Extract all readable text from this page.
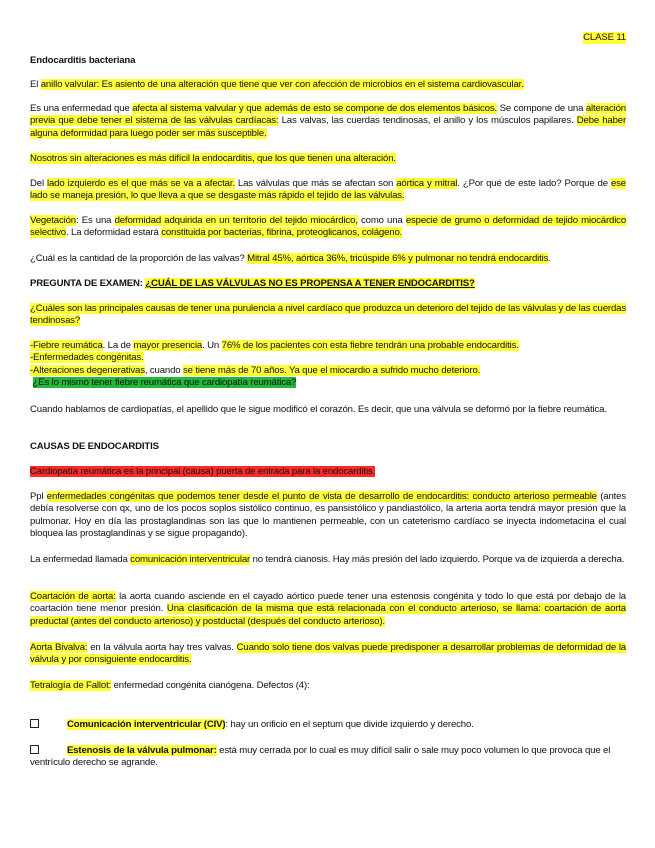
CLASE 11
Endocarditis bacteriana

El anillo valvular: Es asiento de una alteración que tiene que ver con afección de microbios en el sistema cardiovascular.

Es una enfermedad que afecta al sistema valvular y que además de esto se compone de dos elementos básicos. Se compone de una alteración previa que debe tener el sistema de las válvulas cardíacas: Las valvas, las cuerdas tendinosas, el anillo y los músculos papilares. Debe haber alguna deformidad para luego poder ser más susceptible.

Nosotros sin alteraciones es más difícil la endocarditis, que los que tienen una alteración.

Del lado izquierdo es el que más se va a afectar. Las válvulas que más se afectan son aórtica y mitral. ¿Por qué de este lado? Porque de ese lado se maneja presión, lo que lleva a que se desgaste más rápido el tejido de las válvulas.

Vegetación: Es una deformidad adquirida en un territorio del tejido miocárdico, como una especie de grumo o deformidad de tejido miocárdico selectivo. La deformidad estará constituida por bacterias, fibrina, proteoglicanos, colágeno.

¿Cuál es la cantidad de la proporción de las valvas? Mitral 45%, aórtica 36%, tricúspide 6% y pulmonar no tendrá endocarditis.

PREGUNTA DE EXAMEN: ¿CUÁL DE LAS VÁLVULAS NO ES PROPENSA A TENER ENDOCARDITIS?

¿Cuáles son las principales causas de tener una purulencia a nivel cardíaco que produzca un deterioro del tejido de las válvulas y de las cuerdas tendinosas?

-Fiebre reumática. La de mayor presencia. Un 76% de los pacientes con esta fiebre tendrán una probable endocarditis.
-Enfermedades congénitas.
-Alteraciones degenerativas, cuando se tiene más de 70 años. Ya que el miocardio a sufrido mucho deterioro.
¿Es lo mismo tener fiebre reumática que cardiopatía reumática?

Cuando hablamos de cardiopatías, el apellido que le sigue modificó el corazón. Es decir, que una válvula se deformó por la fiebre reumática.

CAUSAS DE ENDOCARDITIS

Cardiopatía reumática es la principal (causa) puerta de entrada para la endocarditis.

Ppl enfermedades congénitas que podemos tener desde el punto de vista de desarrollo de endocarditis: conducto arterioso permeable (antes debía resolverse con qx, uno de los pocos soplos sistólico continuo, es pansistólico y pandiastólico, la arteria aorta tendrá mayor presión que la pulmonar. Hoy en día las prostaglandinas son las que lo mantienen permeable, con un cateterismo cardíaco se inyecta indometacina el cual bloquea las prostaglandinas y se sigue propagando).

La enfermedad llamada comunicación interventricular no tendrá cianosis. Hay más presión del lado izquierdo. Porque va de izquierda a derecha.

Coartación de aorta: la aorta cuando asciende en el cayado aórtico puede tener una estenosis congénita y todo lo que está por debajo de la coartación tiene menor presión. Una clasificación de la misma que está relacionada con el conducto arterioso, se llama: coartación de aorta preductal (antes del conducto arterioso) y postductal (después del conducto arterioso).

Aorta Bivalva: en la válvula aorta hay tres valvas. Cuando solo tiene dos valvas puede predisponer a desarrollar problemas de deformidad de la válvula y por consiguiente endocarditis.

Tetralogía de Fallot: enfermedad congénita cianógena. Defectos (4):

Comunicación interventricular (CIV): hay un orificio en el septum que divide izquierdo y derecho.

Estenosis de la válvula pulmonar: está muy cerrada por lo cual es muy difícil salir o sale muy poco volumen lo que provoca que el ventrículo derecho se agrande.
